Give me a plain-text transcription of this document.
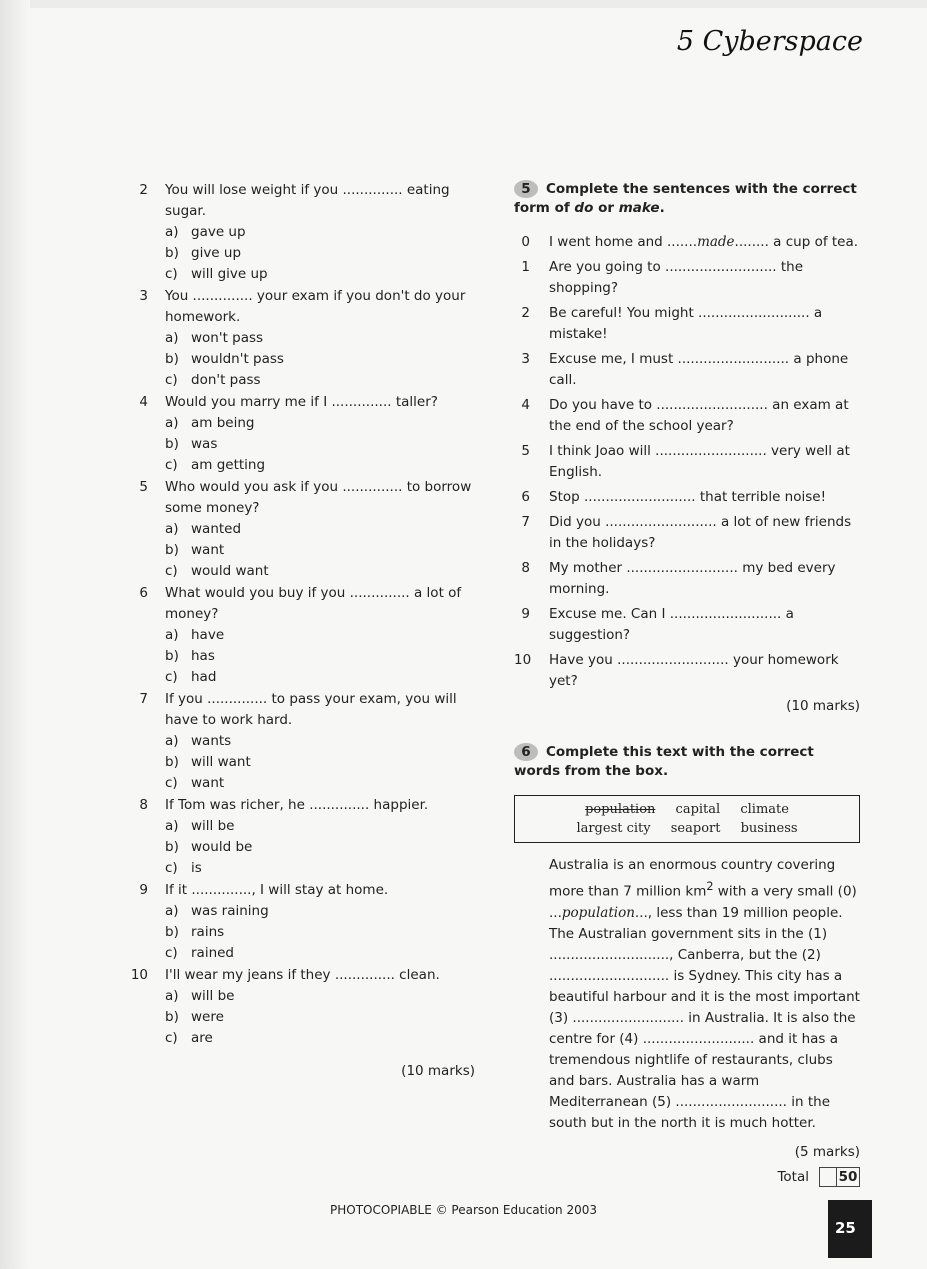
5 Cyberspace
2 You will lose weight if you .............. eating sugar.
a) gave up
b) give up
c) will give up
3 You .............. your exam if you don't do your homework.
a) won't pass
b) wouldn't pass
c) don't pass
4 Would you marry me if I .............. taller?
a) am being
b) was
c) am getting
5 Who would you ask if you .............. to borrow some money?
a) wanted
b) want
c) would want
6 What would you buy if you .............. a lot of money?
a) have
b) has
c) had
7 If you .............. to pass your exam, you will have to work hard.
a) wants
b) will want
c) want
8 If Tom was richer, he .............. happier.
a) will be
b) would be
c) is
9 If it .............., I will stay at home.
a) was raining
b) rains
c) rained
10 I'll wear my jeans if they .............. clean.
a) will be
b) were
c) are
(10 marks)
5 Complete the sentences with the correct form of do or make.
0 I went home and .......made........ a cup of tea.
1 Are you going to .......................... the shopping?
2 Be careful! You might .......................... a mistake!
3 Excuse me, I must .......................... a phone call.
4 Do you have to .......................... an exam at the end of the school year?
5 I think Joao will .......................... very well at English.
6 Stop .......................... that terrible noise!
7 Did you .......................... a lot of new friends in the holidays?
8 My mother .......................... my bed every morning.
9 Excuse me. Can I .......................... a suggestion?
10 Have you .......................... your homework yet?
(10 marks)
6 Complete this text with the correct words from the box.
population capital climate
largest city seaport business
Australia is an enormous country covering more than 7 million $km^2$ with a very small (0) ...population..., less than 19 million people. The Australian government sits in the (1) ............................, Canberra, but the (2) ............................ is Sydney. This city has a beautiful harbour and it is the most important (3) .......................... in Australia. It is also the centre for (4) .......................... and it has a tremendous nightlife of restaurants, clubs and bars. Australia has a warm Mediterranean (5) .......................... in the south but in the north it is much hotter.
(5 marks)
Total 50
PHOTOCOPIABLE © Pearson Education 2003
25
